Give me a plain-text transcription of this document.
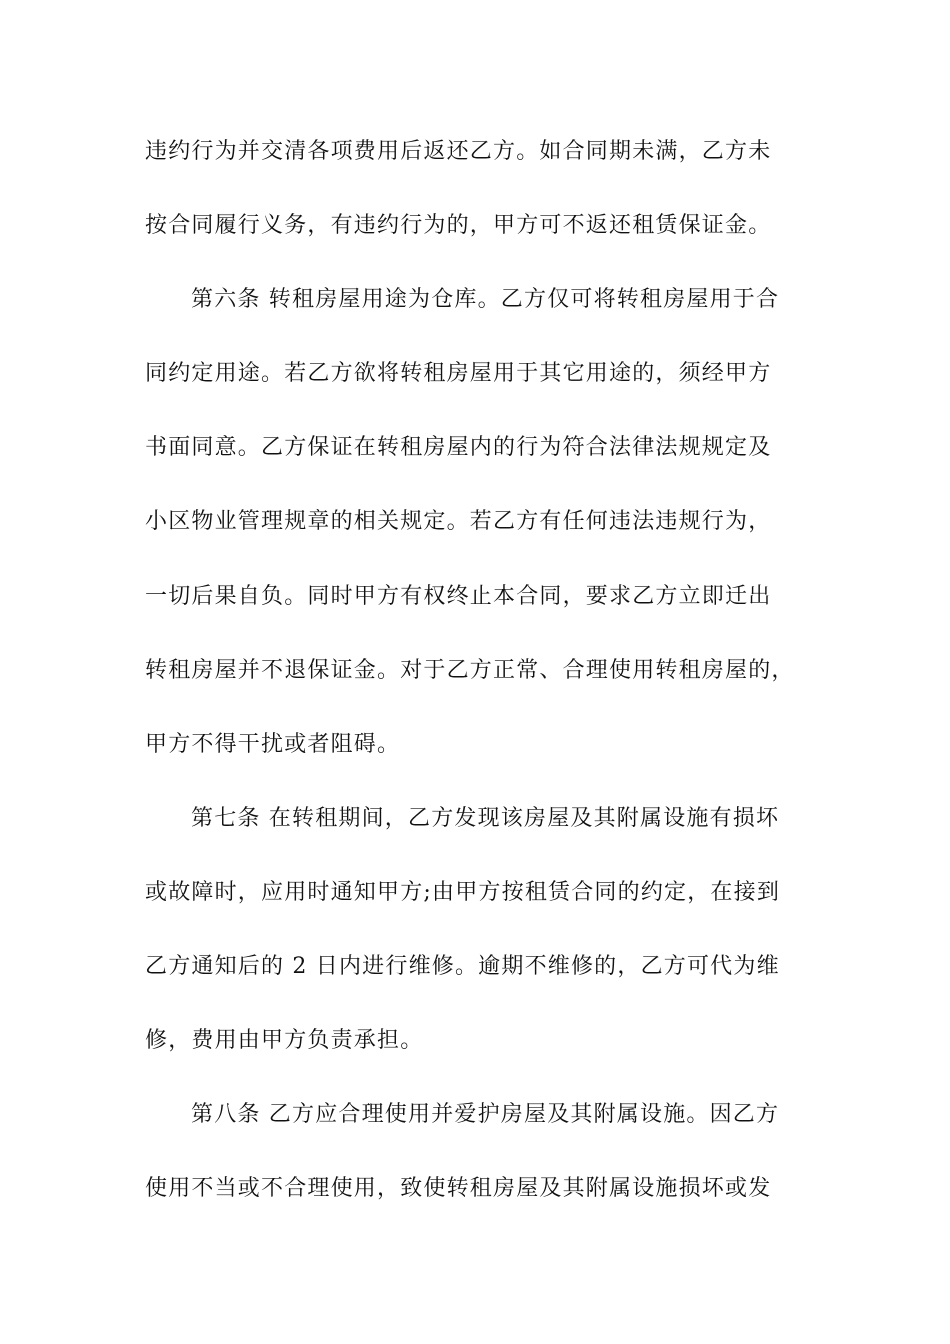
违约行为并交清各项费用后返还乙方。如合同期未满，乙方未
按合同履行义务，有违约行为的，甲方可不返还租赁保证金。
第六条 转租房屋用途为仓库。乙方仅可将转租房屋用于合
同约定用途。若乙方欲将转租房屋用于其它用途的，须经甲方
书面同意。乙方保证在转租房屋内的行为符合法律法规规定及
小区物业管理规章的相关规定。若乙方有任何违法违规行为，
一切后果自负。同时甲方有权终止本合同，要求乙方立即迁出
转租房屋并不退保证金。对于乙方正常、合理使用转租房屋的，
甲方不得干扰或者阻碍。
第七条 在转租期间，乙方发现该房屋及其附属设施有损坏
或故障时，应用时通知甲方;由甲方按租赁合同的约定，在接到
乙方通知后的 2 日内进行维修。逾期不维修的，乙方可代为维
修，费用由甲方负责承担。
第八条 乙方应合理使用并爱护房屋及其附属设施。因乙方
使用不当或不合理使用，致使转租房屋及其附属设施损坏或发
